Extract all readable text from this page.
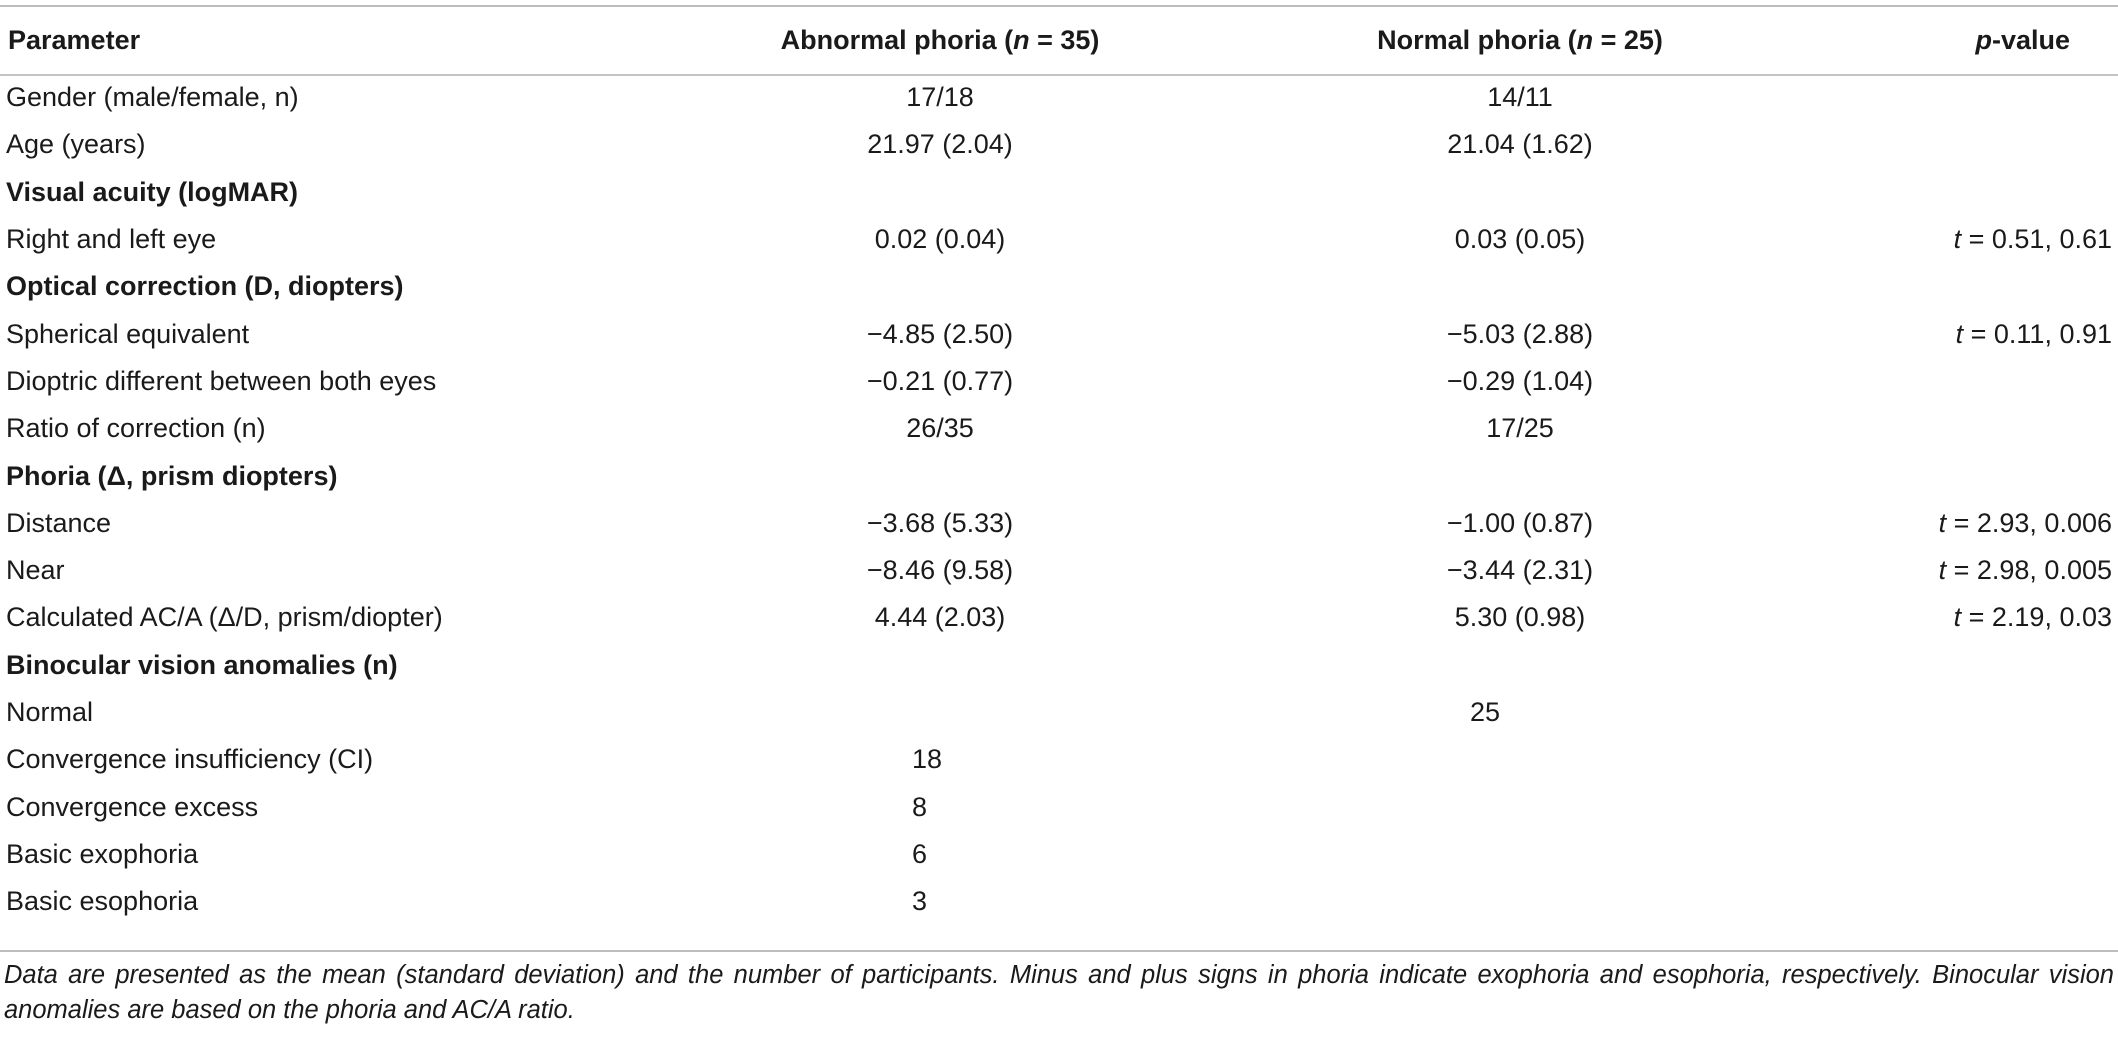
Parameter	Abnormal phoria (n = 35)	Normal phoria (n = 25)	p-value
Gender (male/female, n)	17/18	14/11	
Age (years)	21.97 (2.04)	21.04 (1.62)	
Visual acuity (logMAR)			
Right and left eye	0.02 (0.04)	0.03 (0.05)	t = 0.51, 0.61
Optical correction (D, diopters)			
Spherical equivalent	−4.85 (2.50)	−5.03 (2.88)	t = 0.11, 0.91
Dioptric different between both eyes	−0.21 (0.77)	−0.29 (1.04)	
Ratio of correction (n)	26/35	17/25	
Phoria (Δ, prism diopters)			
Distance	−3.68 (5.33)	−1.00 (0.87)	t = 2.93, 0.006
Near	−8.46 (9.58)	−3.44 (2.31)	t = 2.98, 0.005
Calculated AC/A (Δ/D, prism/diopter)	4.44 (2.03)	5.30 (0.98)	t = 2.19, 0.03
Binocular vision anomalies (n)			
Normal		25	
Convergence insufficiency (CI)	18		
Convergence excess	8		
Basic exophoria	6		
Basic esophoria	3		
Data are presented as the mean (standard deviation) and the number of participants. Minus and plus signs in phoria indicate exophoria and esophoria, respectively. Binocular vision anomalies are based on the phoria and AC/A ratio.
